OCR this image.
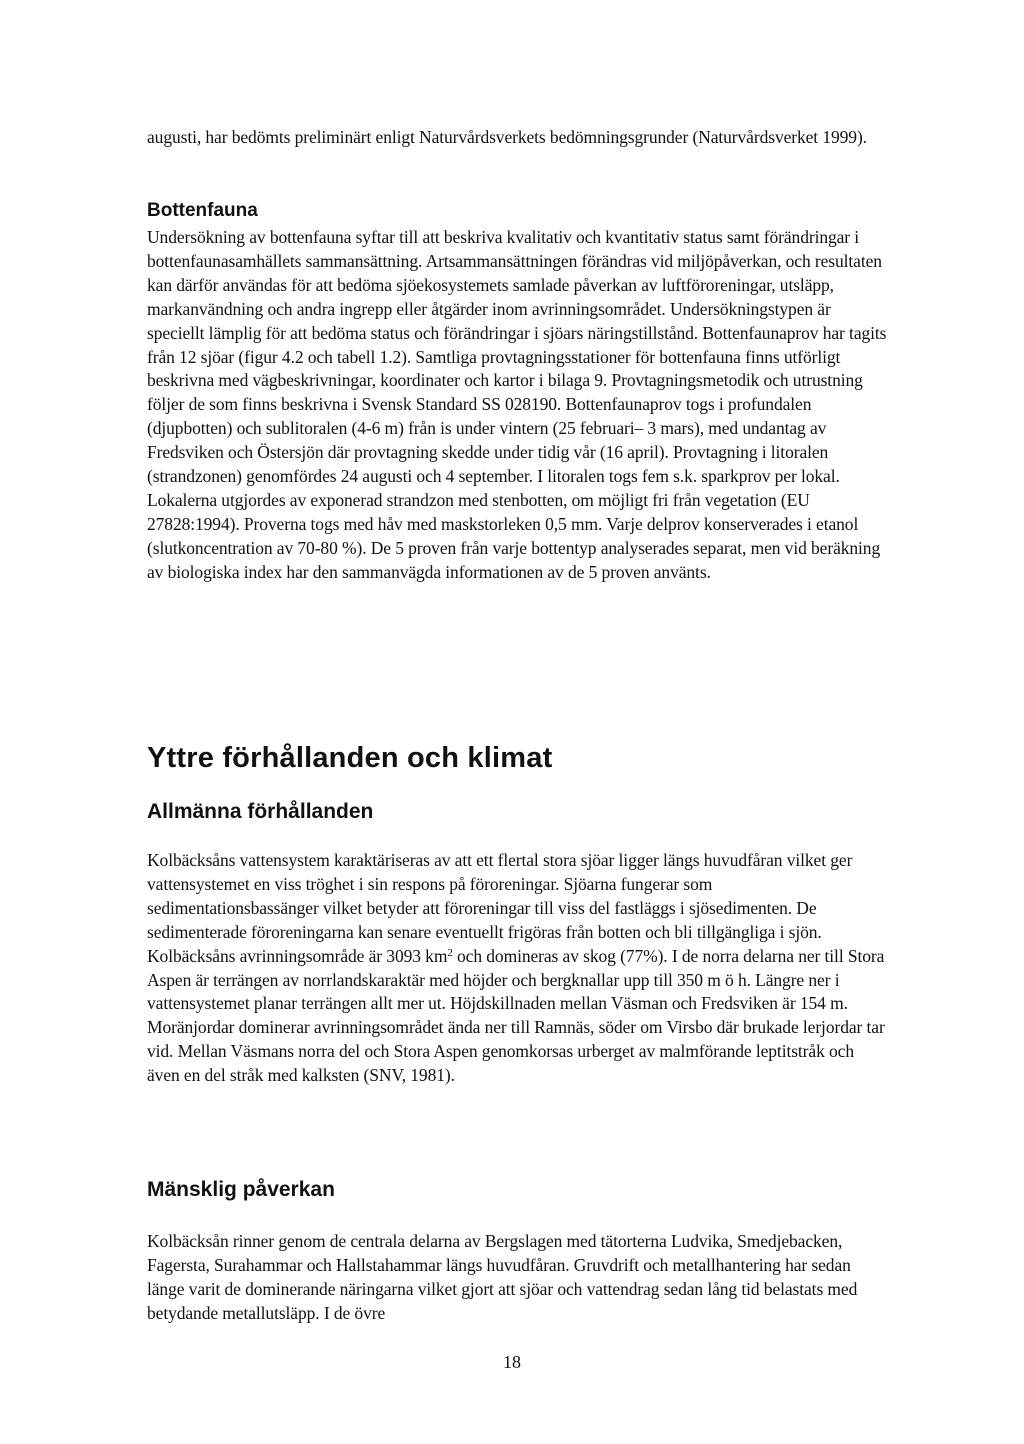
augusti, har bedömts preliminärt enligt Naturvårdsverkets bedömningsgrunder (Naturvårdsverket 1999).

Bottenfauna

Undersökning av bottenfauna syftar till att beskriva kvalitativ och kvantitativ status samt förändringar i bottenfaunasamhällets sammansättning. Artsammansättningen förändras vid miljöpåverkan, och resultaten kan därför användas för att bedöma sjöekosystemets samlade påverkan av luftföroreningar, utsläpp, markanvändning och andra ingrepp eller åtgärder inom avrinningsområdet. Undersökningstypen är speciellt lämplig för att bedöma status och förändringar i sjöars näringstillstånd. Bottenfaunaprov har tagits från 12 sjöar (figur 4.2 och tabell 1.2). Samtliga provtagningsstationer för bottenfauna finns utförligt beskrivna med vägbeskrivningar, koordinater och kartor i bilaga 9. Provtagningsmetodik och utrustning följer de som finns beskrivna i Svensk Standard SS 028190. Bottenfaunaprov togs i profundalen (djupbotten) och sublitoralen (4-6 m) från is under vintern (25 februari– 3 mars), med undantag av Fredsviken och Östersjön där provtagning skedde under tidig vår (16 april). Provtagning i litoralen (strandzonen) genomfördes 24 augusti och 4 september. I litoralen togs fem s.k. sparkprov per lokal. Lokalerna utgjordes av exponerad strandzon med stenbotten, om möjligt fri från vegetation (EU 27828:1994). Proverna togs med håv med maskstorleken 0,5 mm. Varje delprov konserverades i etanol (slutkoncentration av 70-80 %). De 5 proven från varje bottentyp analyserades separat, men vid beräkning av biologiska index har den sammanvägda informationen av de 5 proven använts.

Yttre förhållanden och klimat
Allmänna förhållanden

Kolbäcksåns vattensystem karaktäriseras av att ett flertal stora sjöar ligger längs huvudfåran vilket ger vattensystemet en viss tröghet i sin respons på föroreningar. Sjöarna fungerar som sedimentationsbassänger vilket betyder att föroreningar till viss del fastläggs i sjösedimenten. De sedimenterade föroreningarna kan senare eventuellt frigöras från botten och bli tillgängliga i sjön. Kolbäcksåns avrinningsområde är 3093 $km^2$ och domineras av skog (77%). I de norra delarna ner till Stora Aspen är terrängen av norrlandskaraktär med höjder och bergknallar upp till 350 m ö h. Längre ner i vattensystemet planar terrängen allt mer ut. Höjdskillnaden mellan Väsman och Fredsviken är 154 m. Moränjordar dominerar avrinningsområdet ända ner till Ramnäs, söder om Virsbo där brukade lerjordar tar vid. Mellan Väsmans norra del och Stora Aspen genomkorsas urberget av malmförande leptitstråk och även en del stråk med kalksten (SNV, 1981).

Mänsklig påverkan

Kolbäcksån rinner genom de centrala delarna av Bergslagen med tätorterna Ludvika, Smedjebacken, Fagersta, Surahammar och Hallstahammar längs huvudfåran. Gruvdrift och metallhantering har sedan länge varit de dominerande näringarna vilket gjort att sjöar och vattendrag sedan lång tid belastats med betydande metallutsläpp. I de övre

18
